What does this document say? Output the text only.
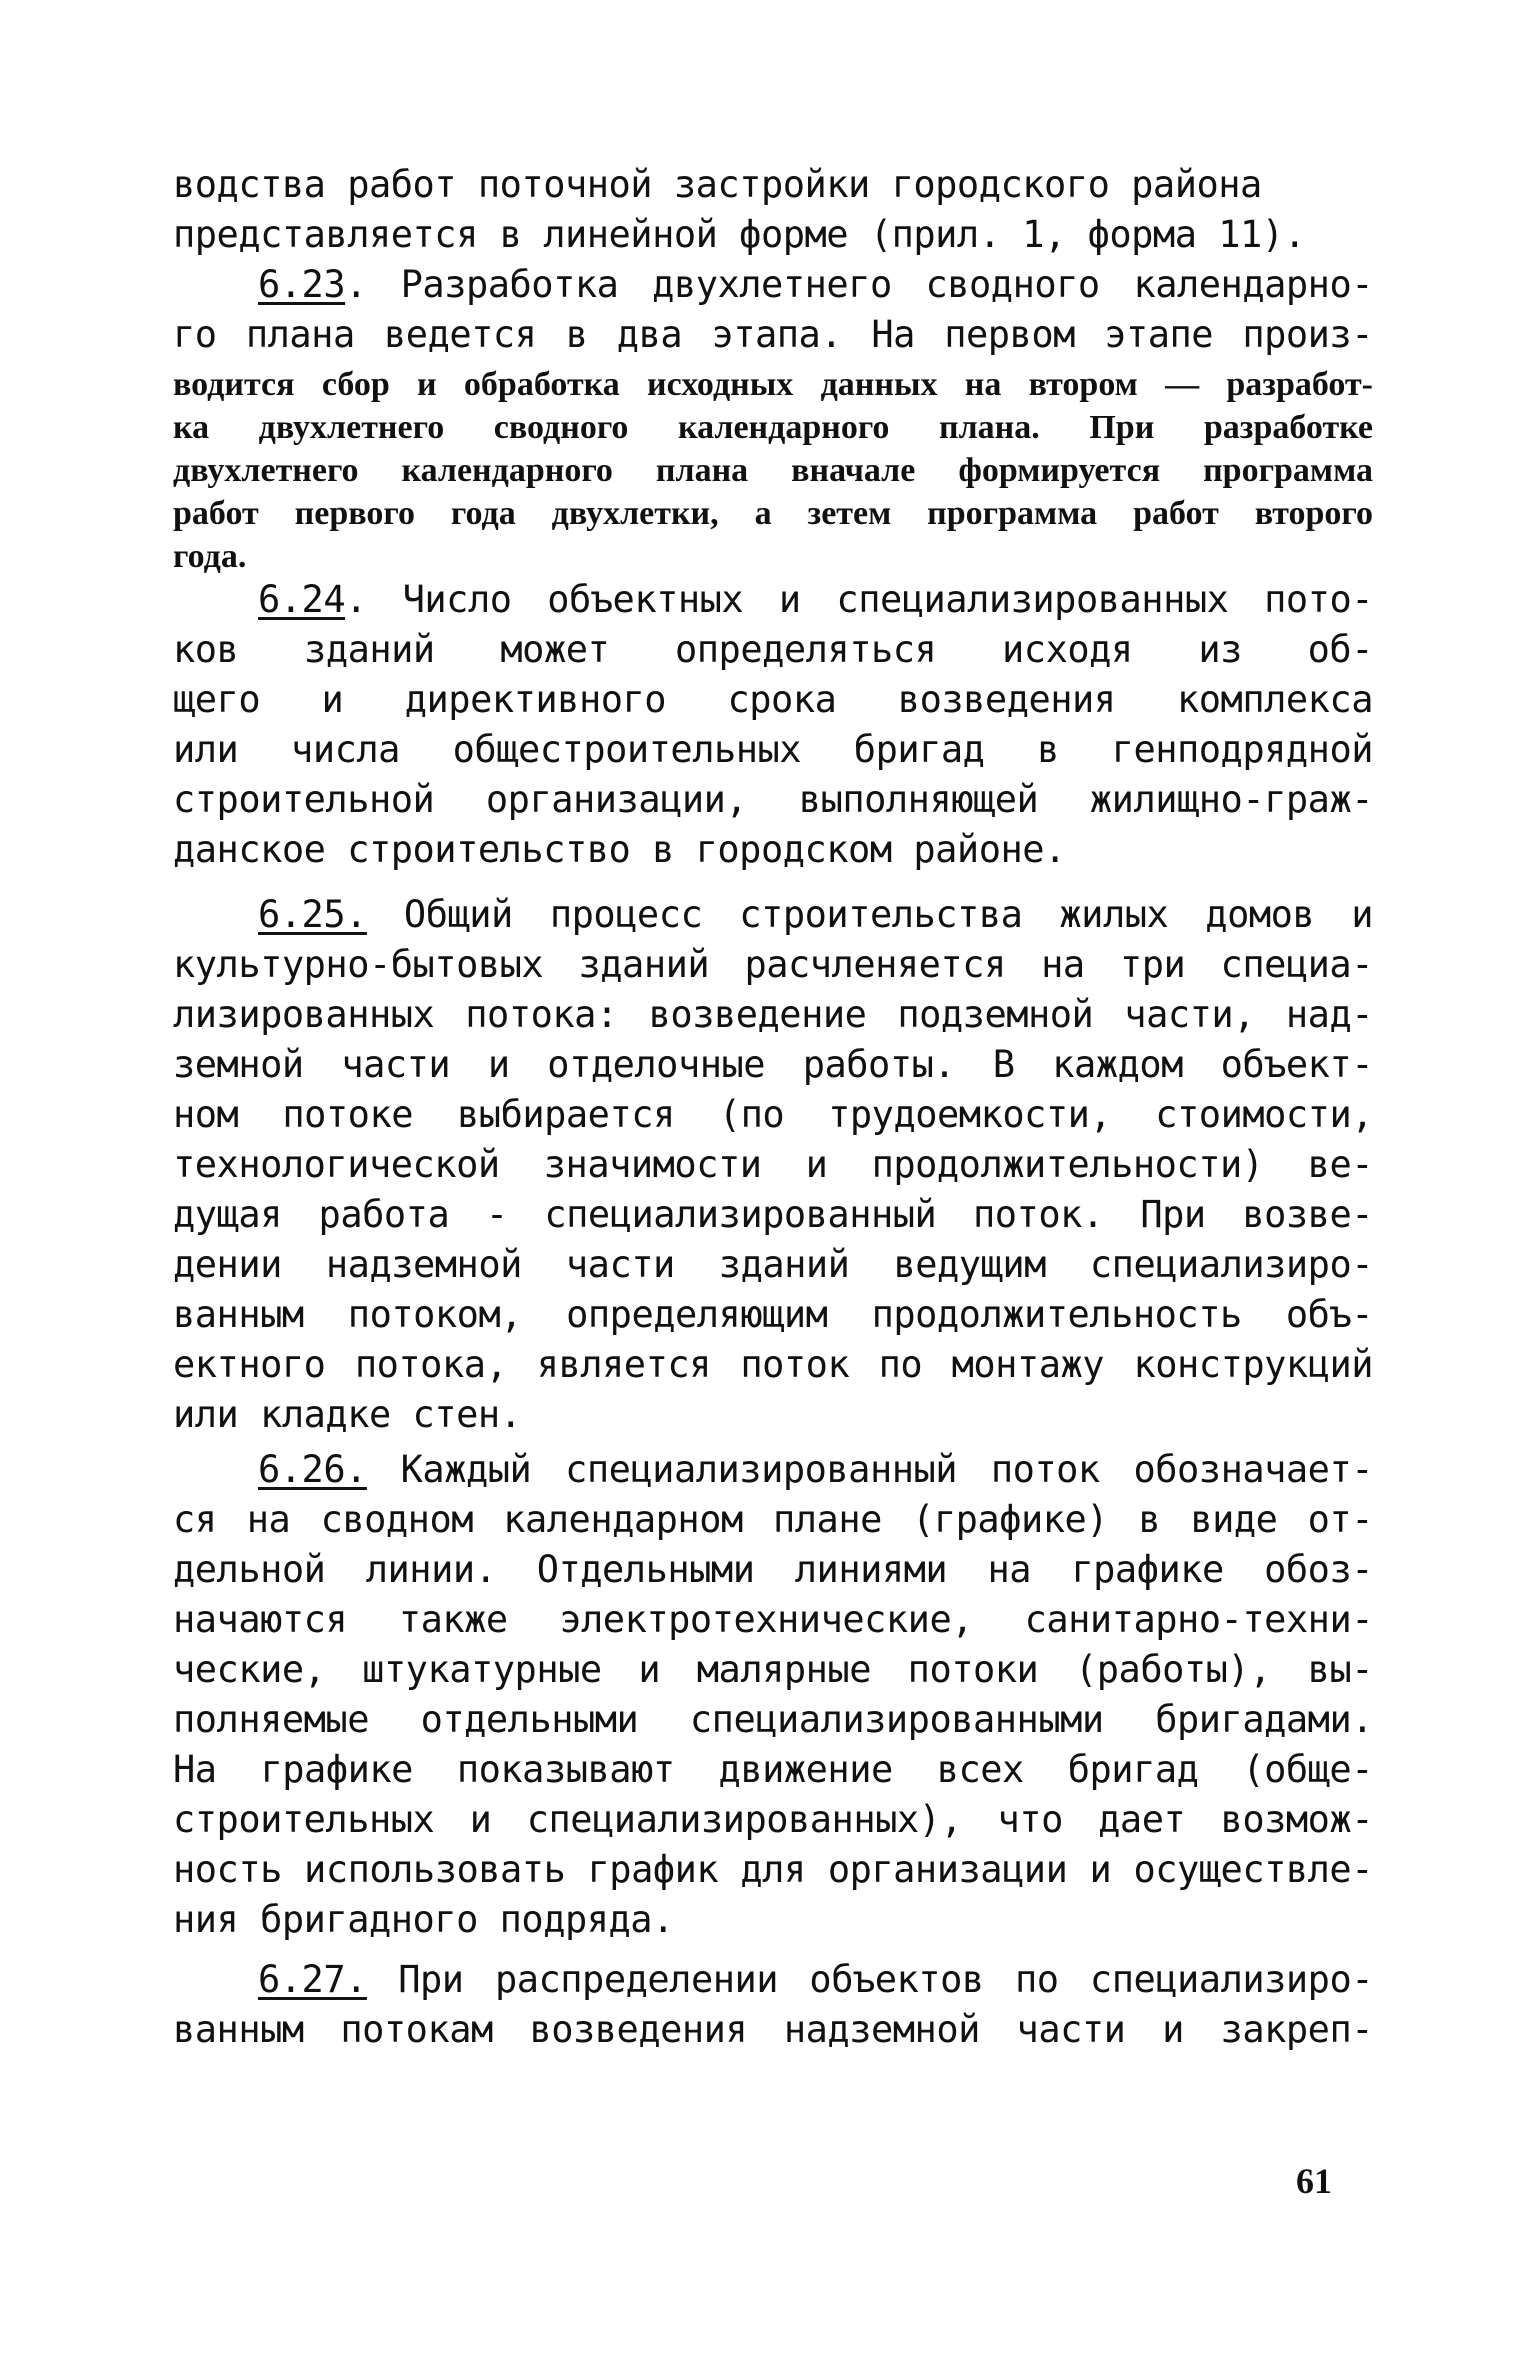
водства работ поточной застройки городского района
представляется в линейной форме (прил. 1, форма 11).
6.23. Разработка двухлетнего сводного календарно-
го плана ведется в два этапа. На первом этапе произ-
водится сбор и обработка исходных данных на втором — разработ-
ка двухлетнего сводного календарного плана. При разработке
двухлетнего календарного плана вначале формируется программа
работ первого года двухлетки, а зетем программа работ второго
года.
6.24. Число объектных и специализированных пото-
ков зданий может определяться исходя из об-
щего и директивного срока возведения комплекса
или числа общестроительных бригад в генподрядной
строительной организации, выполняющей жилищно-граж-
данское строительство в городском районе.
6.25. Общий процесс строительства жилых домов и
культурно-бытовых зданий расчленяется на три специа-
лизированных потока: возведение подземной части, над-
земной части и отделочные работы. В каждом объект-
ном потоке выбирается (по трудоемкости, стоимости,
технологической значимости и продолжительности) ве-
дущая работа - специализированный поток. При возве-
дении надземной части зданий ведущим специализиро-
ванным потоком, определяющим продолжительность объ-
ектного потока, является поток по монтажу конструкций
или кладке стен.
6.26. Каждый специализированный поток обозначает-
ся на сводном календарном плане (графике) в виде от-
дельной линии. Отдельными линиями на графике обоз-
начаются также электротехнические, санитарно-техни-
ческие, штукатурные и малярные потоки (работы), вы-
полняемые отдельными специализированными бригадами.
На графике показывают движение всех бригад (обще-
строительных и специализированных), что дает возмож-
ность использовать график для организации и осуществле-
ния бригадного подряда.
6.27. При распределении объектов по специализиро-
ванным потокам возведения надземной части и закреп-
61
